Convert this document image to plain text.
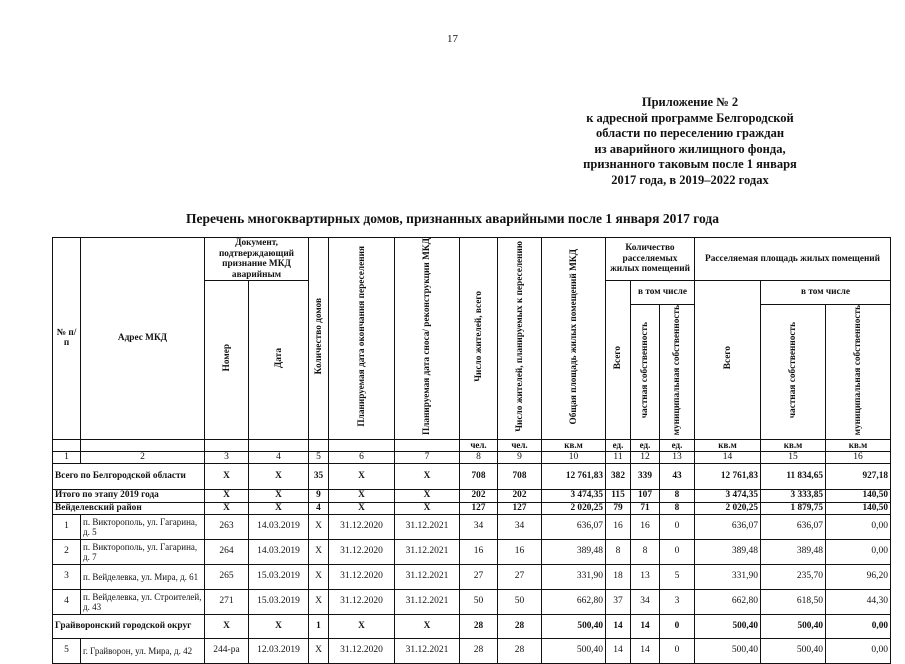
17
Приложение № 2
к адресной программе Белгородской
области по переселению граждан
из аварийного жилищного фонда,
признанного таковым после 1 января
2017 года, в 2019–2022 годах
Перечень многоквартирных домов, признанных аварийными после 1 января 2017 года
№ п/п	Адрес МКД	Документ, подтверждающий признание МКД аварийным		Количество домов	Планируемая дата окончания переселения	Планируемая дата сноса/ реконструкции МКД	Число жителей, всего	Число жителей, планируемых к переселению	Общая площадь жилых помещений МКД	Количество расселяемых жилых помещений			Расселяемая площадь жилых помещений		
		Номер	Дата							Всего	в том числе		Всего	в том числе	
											частная собственность	муниципальная собственность		частная собственность	муниципальная собственность
							чел.	чел.	кв.м	ед.	ед.	ед.	кв.м	кв.м	кв.м
1	2	3	4	5	6	7	8	9	10	11	12	13	14	15	16
Всего по Белгородской области		Х	Х	35	Х	Х	708	708	12 761,83	382	339	43	12 761,83	11 834,65	927,18
Итого по этапу 2019 года		Х	Х	9	Х	Х	202	202	3 474,35	115	107	8	3 474,35	3 333,85	140,50
Вейделевский район		Х	Х	4	Х	Х	127	127	2 020,25	79	71	8	2 020,25	1 879,75	140,50
1	п. Викторополь, ул. Гагарина, д. 5	263	14.03.2019	Х	31.12.2020	31.12.2021	34	34	636,07	16	16	0	636,07	636,07	0,00
2	п. Викторополь, ул. Гагарина, д. 7	264	14.03.2019	Х	31.12.2020	31.12.2021	16	16	389,48	8	8	0	389,48	389,48	0,00
3	п. Вейделевка, ул. Мира, д. 61	265	15.03.2019	Х	31.12.2020	31.12.2021	27	27	331,90	18	13	5	331,90	235,70	96,20
4	п. Вейделевка, ул. Строителей, д. 43	271	15.03.2019	Х	31.12.2020	31.12.2021	50	50	662,80	37	34	3	662,80	618,50	44,30
Грайворонский городской округ		Х	Х	1	Х	Х	28	28	500,40	14	14	0	500,40	500,40	0,00
5	г. Грайворон, ул. Мира, д. 42	244-ра	12.03.2019	Х	31.12.2020	31.12.2021	28	28	500,40	14	14	0	500,40	500,40	0,00
